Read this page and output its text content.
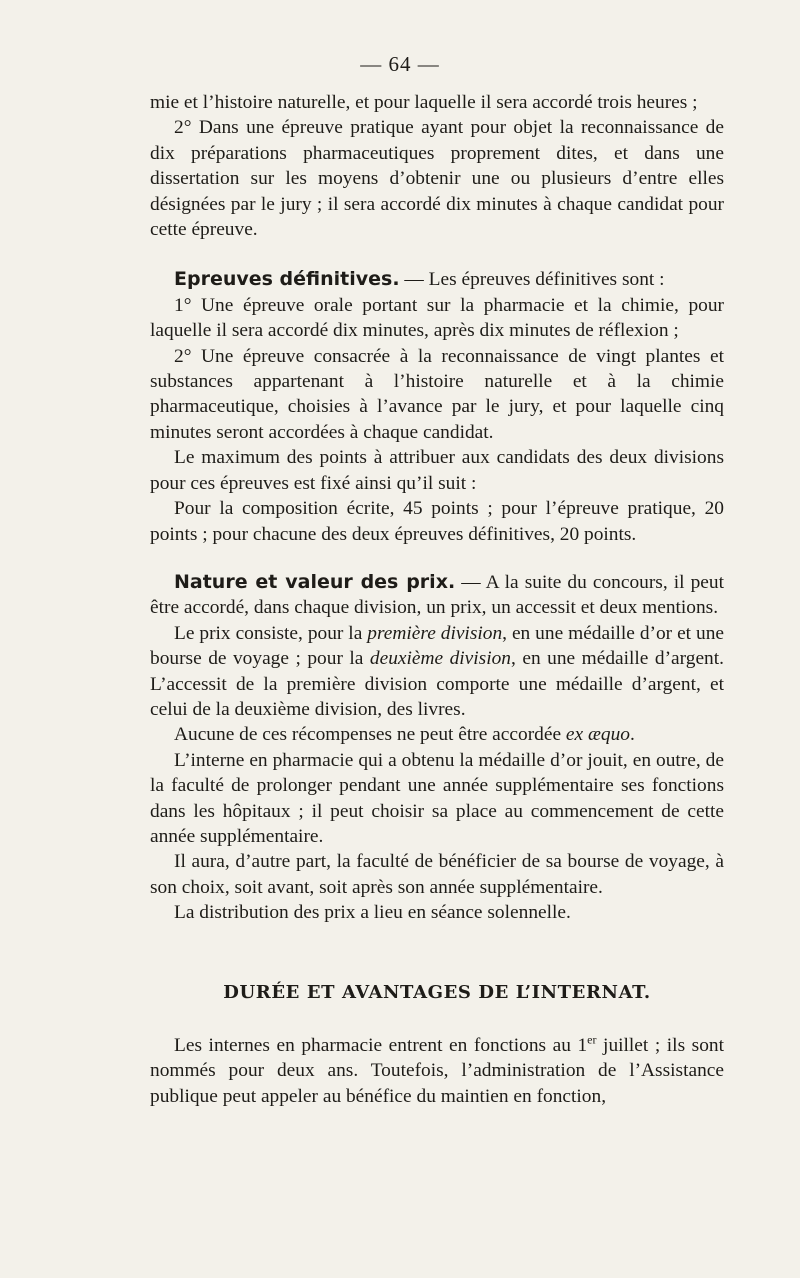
— 64 —

mie et l’histoire naturelle, et pour laquelle il sera accordé trois heures ;

2° Dans une épreuve pratique ayant pour objet la reconnaissance de dix préparations pharmaceutiques proprement dites, et dans une dissertation sur les moyens d’obtenir une ou plusieurs d’entre elles désignées par le jury ; il sera accordé dix minutes à chaque candidat pour cette épreuve.

Epreuves définitives. — Les épreuves définitives sont :

1° Une épreuve orale portant sur la pharmacie et la chimie, pour laquelle il sera accordé dix minutes, après dix minutes de réflexion ;

2° Une épreuve consacrée à la reconnaissance de vingt plantes et substances appartenant à l’histoire naturelle et à la chimie pharmaceutique, choisies à l’avance par le jury, et pour laquelle cinq minutes seront accordées à chaque candidat.

Le maximum des points à attribuer aux candidats des deux divisions pour ces épreuves est fixé ainsi qu’il suit :

Pour la composition écrite, 45 points ; pour l’épreuve pratique, 20 points ; pour chacune des deux épreuves définitives, 20 points.

Nature et valeur des prix. — A la suite du concours, il peut être accordé, dans chaque division, un prix, un accessit et deux mentions.

Le prix consiste, pour la première division, en une médaille d’or et une bourse de voyage ; pour la deuxième division, en une médaille d’argent. L’accessit de la première division comporte une médaille d’argent, et celui de la deuxième division, des livres.

Aucune de ces récompenses ne peut être accordée ex æquo.

L’interne en pharmacie qui a obtenu la médaille d’or jouit, en outre, de la faculté de prolonger pendant une année supplémentaire ses fonctions dans les hôpitaux ; il peut choisir sa place au commencement de cette année supplémentaire.

Il aura, d’autre part, la faculté de bénéficier de sa bourse de voyage, à son choix, soit avant, soit après son année supplémentaire.

La distribution des prix a lieu en séance solennelle.

DURÉE ET AVANTAGES DE L’INTERNAT.

Les internes en pharmacie entrent en fonctions au 1er juillet ; ils sont nommés pour deux ans. Toutefois, l’administration de l’Assistance publique peut appeler au bénéfice du maintien en fonction,
